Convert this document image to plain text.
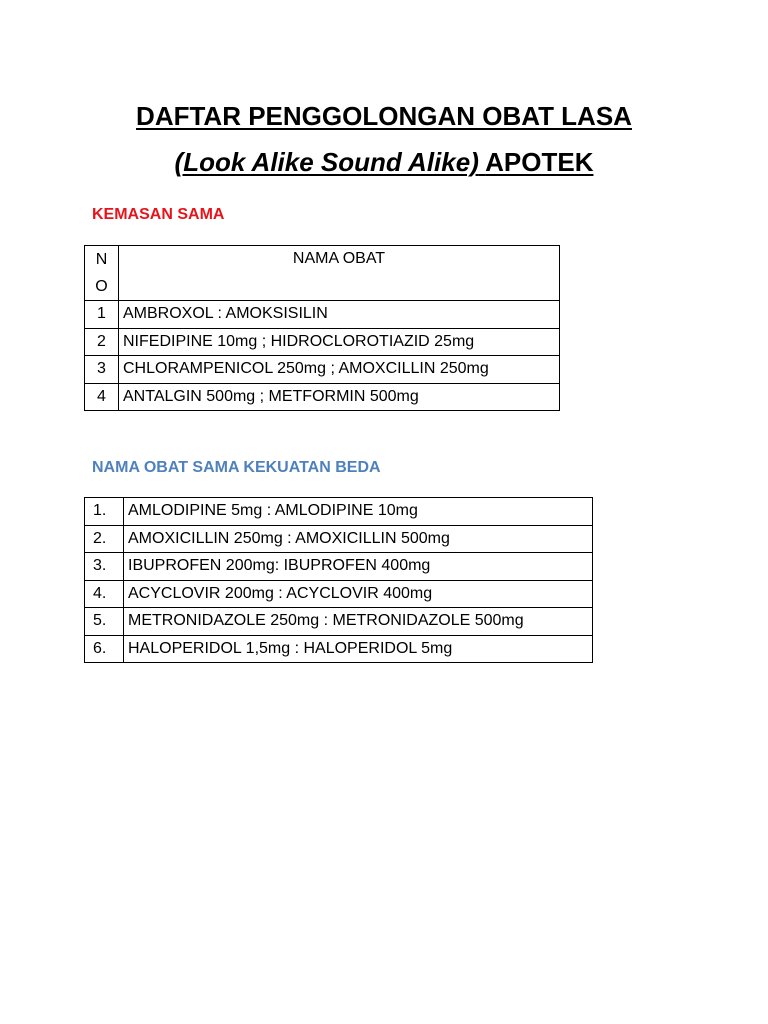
DAFTAR PENGGOLONGAN OBAT LASA
(Look Alike Sound Alike) APOTEK
KEMASAN SAMA
N
O	NAMA OBAT
1	AMBROXOL : AMOKSISILIN
2	NIFEDIPINE 10mg ; HIDROCLOROTIAZID 25mg
3	CHLORAMPENICOL 250mg ; AMOXCILLIN 250mg
4	ANTALGIN 500mg ; METFORMIN 500mg
NAMA OBAT SAMA KEKUATAN BEDA
1.	AMLODIPINE 5mg : AMLODIPINE 10mg
2.	AMOXICILLIN 250mg : AMOXICILLIN 500mg
3.	IBUPROFEN 200mg: IBUPROFEN 400mg
4.	ACYCLOVIR 200mg : ACYCLOVIR 400mg
5.	METRONIDAZOLE 250mg : METRONIDAZOLE 500mg
6.	HALOPERIDOL 1,5mg : HALOPERIDOL 5mg
